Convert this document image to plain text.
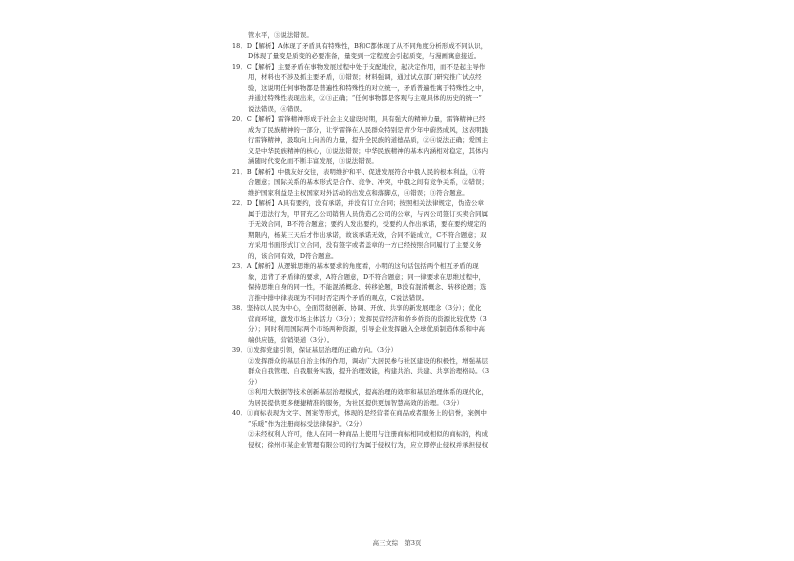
管水平，③说法错误。
18．D【解析】A体现了矛盾具有特殊性，B和C都体现了从不同角度分析形成不同认识，
D体现了量变是质变的必要准备，量变到一定程度会引起质变，与漫画寓意接近。
19．C【解析】主要矛盾在事物发展过程中处于支配地位，起决定作用，而不是起主导作
用，材料也不涉及抓主要矛盾，①错误；材料强调，通过试点部门研究推广试点经
验，这说明任何事物都是普遍性和特殊性的对立统一，矛盾普遍性寓于特殊性之中，
并通过特殊性表现出来，②③正确；“任何事物都是客观与主观具体的历史的统一”
说法错误，④错误。
20．C【解析】雷锋精神形成于社会主义建设时期，具有强大的精神力量，雷锋精神已经
成为了民族精神的一部分，让学雷锋在人民群众特别是青少年中蔚然成风，这表明践
行雷锋精神，汲取向上向善的力量，提升全民族的道德品质，②④说法正确；爱国主
义是中华民族精神的核心，①说法错误；中华民族精神的基本内涵相对稳定，其体内
涵随时代变化而不断丰富发展，③说法错误。
21．B【解析】中俄友好交往，表明维护和平、促进发展符合中俄人民的根本利益，①符
合题意；国际关系的基本形式是合作、竞争、冲突，中俄之间有竞争关系，②错误；
维护国家利益是主权国家对外活动的出发点和落脚点，④错误；③符合题意。
22．D【解析】A具有要约，没有承诺，并没有订立合同；按照相关法律规定，伪造公章
属于违法行为，甲冒充乙公司销售人员伪造乙公司的公章，与丙公司签订买卖合同属
于无效合同，B不符合题意；要约人发出要约，受要约人作出承诺，要在要约规定的
期限内，杨某三天后才作出承诺，故该承诺无效，合同不能成立，C不符合题意；双
方采用书面形式订立合同，没有签字或者盖章的一方已经按照合同履行了主要义务
的，该合同有效，D符合题意。
23．A【解析】从逻辑思维的基本要求的角度看，小明的这句话包括两个相互矛盾的现
象，违背了矛盾律的要求，A符合题意，D不符合题意；同一律要求在思维过程中，
保持思维自身的同一性，不能混淆概念、转移论题，B没有混淆概念、转移论题；选
言推中排中律表现为不同时否定两个矛盾的观点，C说法错误。
38．坚持以人民为中心，全面贯彻创新、协调、开放、共享的新发展理念（3分）；优化
营商环境，激发市场主体活力（3分）；发挥民营经济和侨乡侨资的资源比较优势（3
分）；同时利用国际两个市场两种资源，引导企业发挥融入全球优质制造体系和中高
端供应链，营销渠道（3分）。
39．①发挥党建引领，保证基层治理的正确方向。（3分）
②发挥群众的基层自治主体的作用，调动广大居民参与社区建设的积极性，增强基层
群众自我管理、自我服务实践，提升治理效能，构建共治、共建、共享治理格局。（3
分）
③利用大数据等技术创新基层治理模式，提高治理的效率和基层治理体系的现代化，
为居民提供更多便捷精准的服务，为社区提供更加智慧高效的治理。（3分）
40．①商标表现为文字、图案等形式，体现的是经营者在商品或者服务上的信誉，案例中
“乐暖”作为注册商标受法律保护。（2分）
②未经权利人许可，他人在同一种商品上使用与注册商标相同或相似的商标的，构成
侵权；徐州市某企业管理有限公司的行为属于侵权行为，应立即停止侵权并承担侵权
高三文综　第3页
